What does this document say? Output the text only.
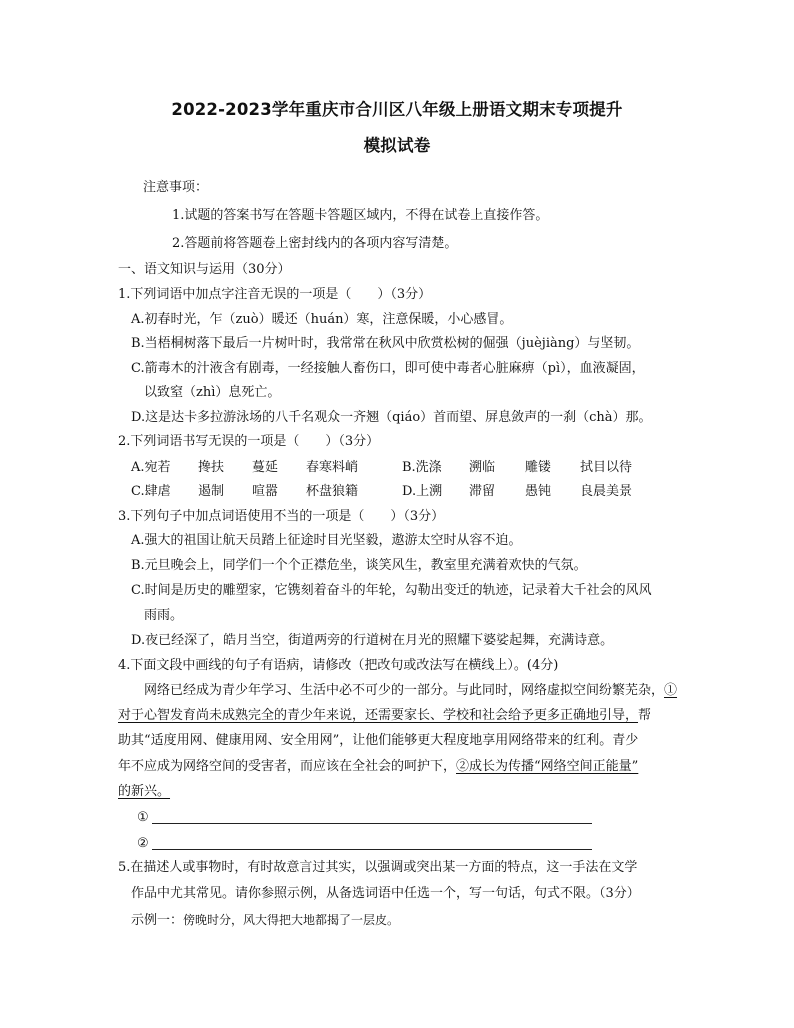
2022-2023学年重庆市合川区八年级上册语文期末专项提升
模拟试卷
注意事项：
1.试题的答案书写在答题卡答题区域内，不得在试卷上直接作答。
2.答题前将答题卷上密封线内的各项内容写清楚。
一、语文知识与运用（30分）
1.下列词语中加点字注音无误的一项是（　　）（3分）
A.初春时光，乍（zuò）暖还（huán）寒，注意保暖，小心感冒。
B.当梧桐树落下最后一片树叶时，我常常在秋风中欣赏松树的倔强（juèjiàng）与坚韧。
C.箭毒木的汁液含有剧毒，一经接触人畜伤口，即可使中毒者心脏麻痹（pì），血液凝固，
以致窒（zhì）息死亡。
D.这是达卡多拉游泳场的八千名观众一齐翘（qiáo）首而望、屏息敛声的一刹（chà）那。
2.下列词语书写无误的一项是（　　）（3分）
A.宛若 搀扶 蔓延 春寒料峭	B.洗涤 溯临 雕镂 拭目以待
C.肆虐 遏制 喧嚣 杯盘狼籍	D.上溯 滞留 愚钝 良晨美景
3.下列句子中加点词语使用不当的一项是（　　）（3分）
A.强大的祖国让航天员踏上征途时目光坚毅，遨游太空时从容不迫。
B.元旦晚会上，同学们一个个正襟危坐，谈笑风生，教室里充满着欢快的气氛。
C.时间是历史的雕塑家，它镌刻着奋斗的年轮，勾勒出变迁的轨迹，记录着大千社会的风风
雨雨。
D.夜已经深了，皓月当空，街道两旁的行道树在月光的照耀下婆娑起舞，充满诗意。
4.下面文段中画线的句子有语病，请修改（把改句或改法写在横线上）。(4分)
网络已经成为青少年学习、生活中必不可少的一部分。与此同时，网络虚拟空间纷繁芜杂，①
对于心智发育尚未成熟完全的青少年来说，还需要家长、学校和社会给予更多正确地引导，帮
助其“适度用网、健康用网、安全用网”，让他们能够更大程度地享用网络带来的红利。青少
年不应成为网络空间的受害者，而应该在全社会的呵护下，②成长为传播“网络空间正能量”
的新兴。
①
②
5.在描述人或事物时，有时故意言过其实，以强调或突出某一方面的特点，这一手法在文学
作品中尤其常见。请你参照示例，从备选词语中任选一个，写一句话，句式不限。（3分）
示例一：傍晚时分，风大得把大地都揭了一层皮。
